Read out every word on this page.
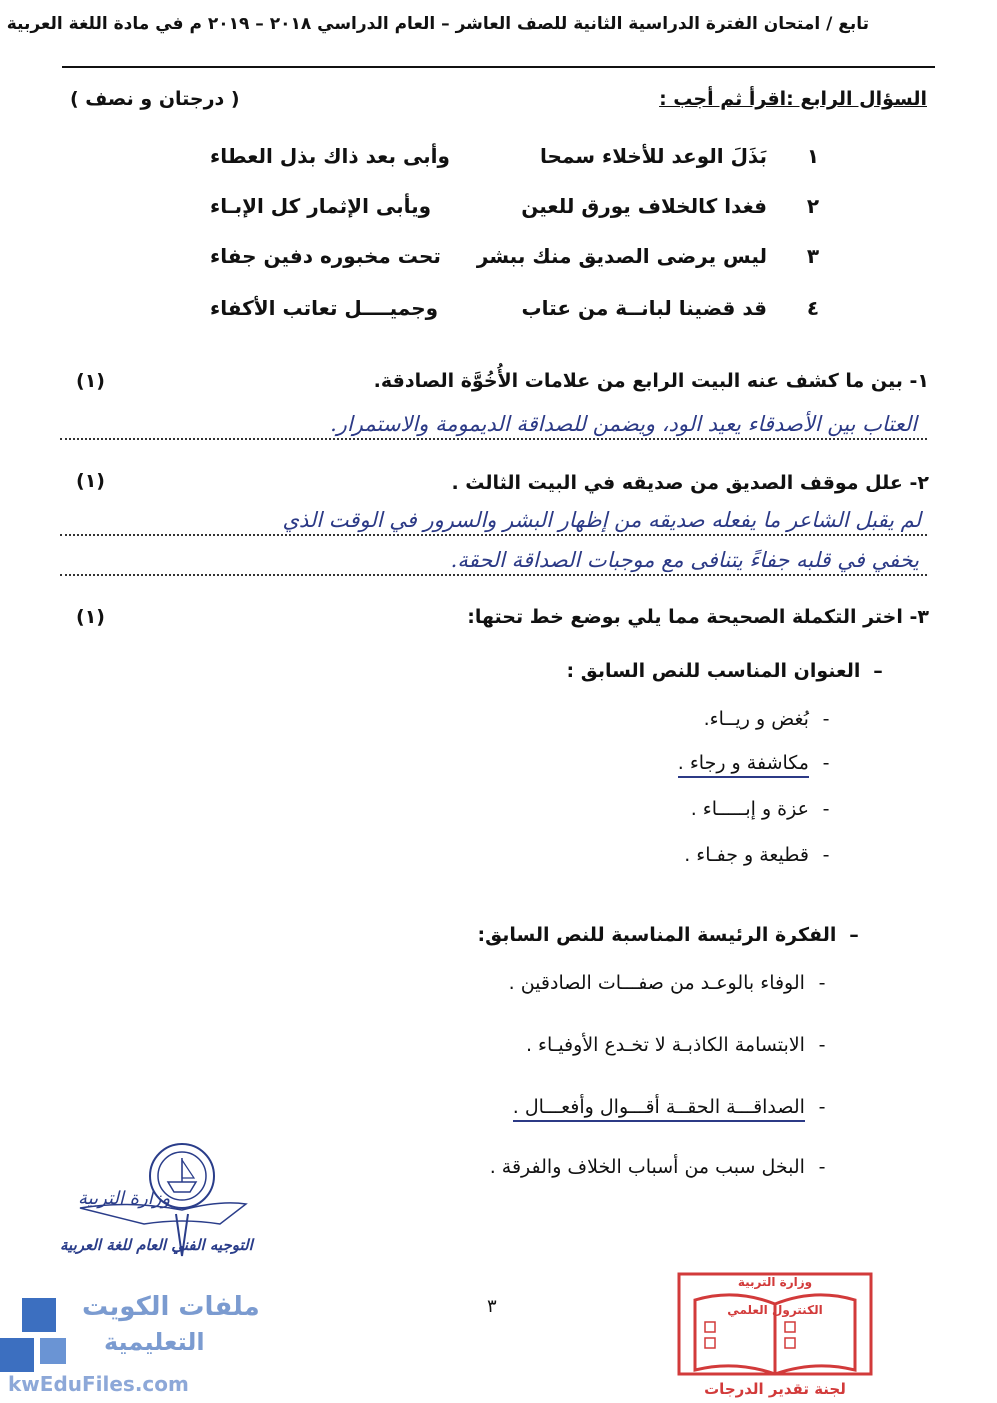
تابع / امتحان الفترة الدراسية الثانية للصف العاشر – العام الدراسي ٢٠١٨ – ٢٠١٩ م في مادة اللغة العربية
السؤال الرابع :اقرأ ثم أجب :
( درجتان و نصف )
١
بَذَلَ الوعد للأخلاء سمحا
وأبى بعد ذاك بذل العطاء
٢
فغدا كالخلاف يورق للعين
ويأبى الإثمار كل الإبـاء
٣
ليس يرضى الصديق منك ببشر
تحت مخبوره دفين جفاء
٤
قد قضينا لبانــة من عتاب
وجميــــل تعاتب الأكفاء
١- بين ما كشف عنه البيت الرابع من علامات الأُخُوَّة الصادقة.
(١)
العتاب بين الأصدقاء يعيد الود، ويضمن للصداقة الديمومة والاستمرار.
٢- علل موقف الصديق من صديقه في البيت الثالث .
(١)
لم يقبل الشاعر ما يفعله صديقه من إظهار البشر والسرور في الوقت الذي
يخفي في قلبه جفاءً يتنافى مع موجبات الصداقة الحقة.
٣- اختر التكملة الصحيحة مما يلي بوضع خط تحتها:
(١)
– العنوان المناسب للنص السابق :
- بُغض و ريــاء.
- مكاشفة و رجاء .
- عزة و إبـــــاء .
- قطيعة و جفـاء .
– الفكرة الرئيسة المناسبة للنص السابق:
- الوفاء بالوعـد من صفـــات الصادقين .
- الابتسامة الكاذبـة لا تخـدع الأوفيـاء .
- الصداقـــة الحقــة أقـــوال وأفعـــال .
- البخل سبب من أسباب الخلاف والفرقة .
وزارة التربية
التوجيه الفني العام للغة العربية
٣
ملفات الكويت
التعليمية
kwEduFiles.com
وزارة التربية
الكنترول العلمي
لجنة تقدير الدرجات
